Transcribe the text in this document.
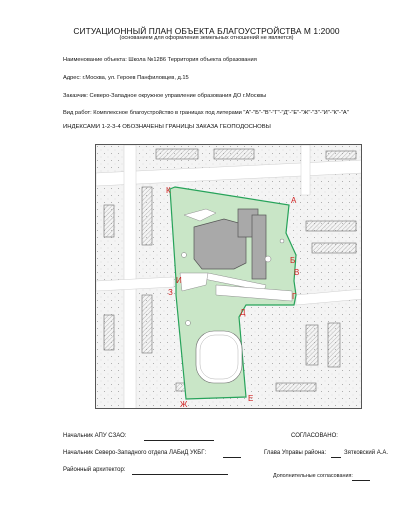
СИТУАЦИОННЫЙ ПЛАН ОБЪЕКТА БЛАГОУСТРОЙСТВА М 1:2000
(основанием для оформления земельных отношений не является)
Наименование объекта: Школа №1286 Территория объекта образования
Адрес: г.Москва, ул. Героев Панфиловцев, д.15
Заказчик: Северо-Западное окружное управление образования ДО г.Москвы
Вид работ: Комплексное благоустройство в границах под литерами "А"-"Б"-"В"-"Г"-"Д"-"Е"-"Ж"-"З"-"И"-"К"-"А"
ИНДЕКСАМИ 1-2-3-4 ОБОЗНАЧЕНЫ ГРАНИЦЫ ЗАКАЗА ГЕОПОДОСНОВЫ
К
А
Б
В
Г
Д
Е
Ж
З
И
Начальник АПУ СЗАО:	СОГЛАСОВАНО:
Начальник Северо-Западного отдела ЛАБиД УКБГ:	Глава Управы района:	Зятковский А.А.
Районный архитектор:
Дополнительные согласования:
